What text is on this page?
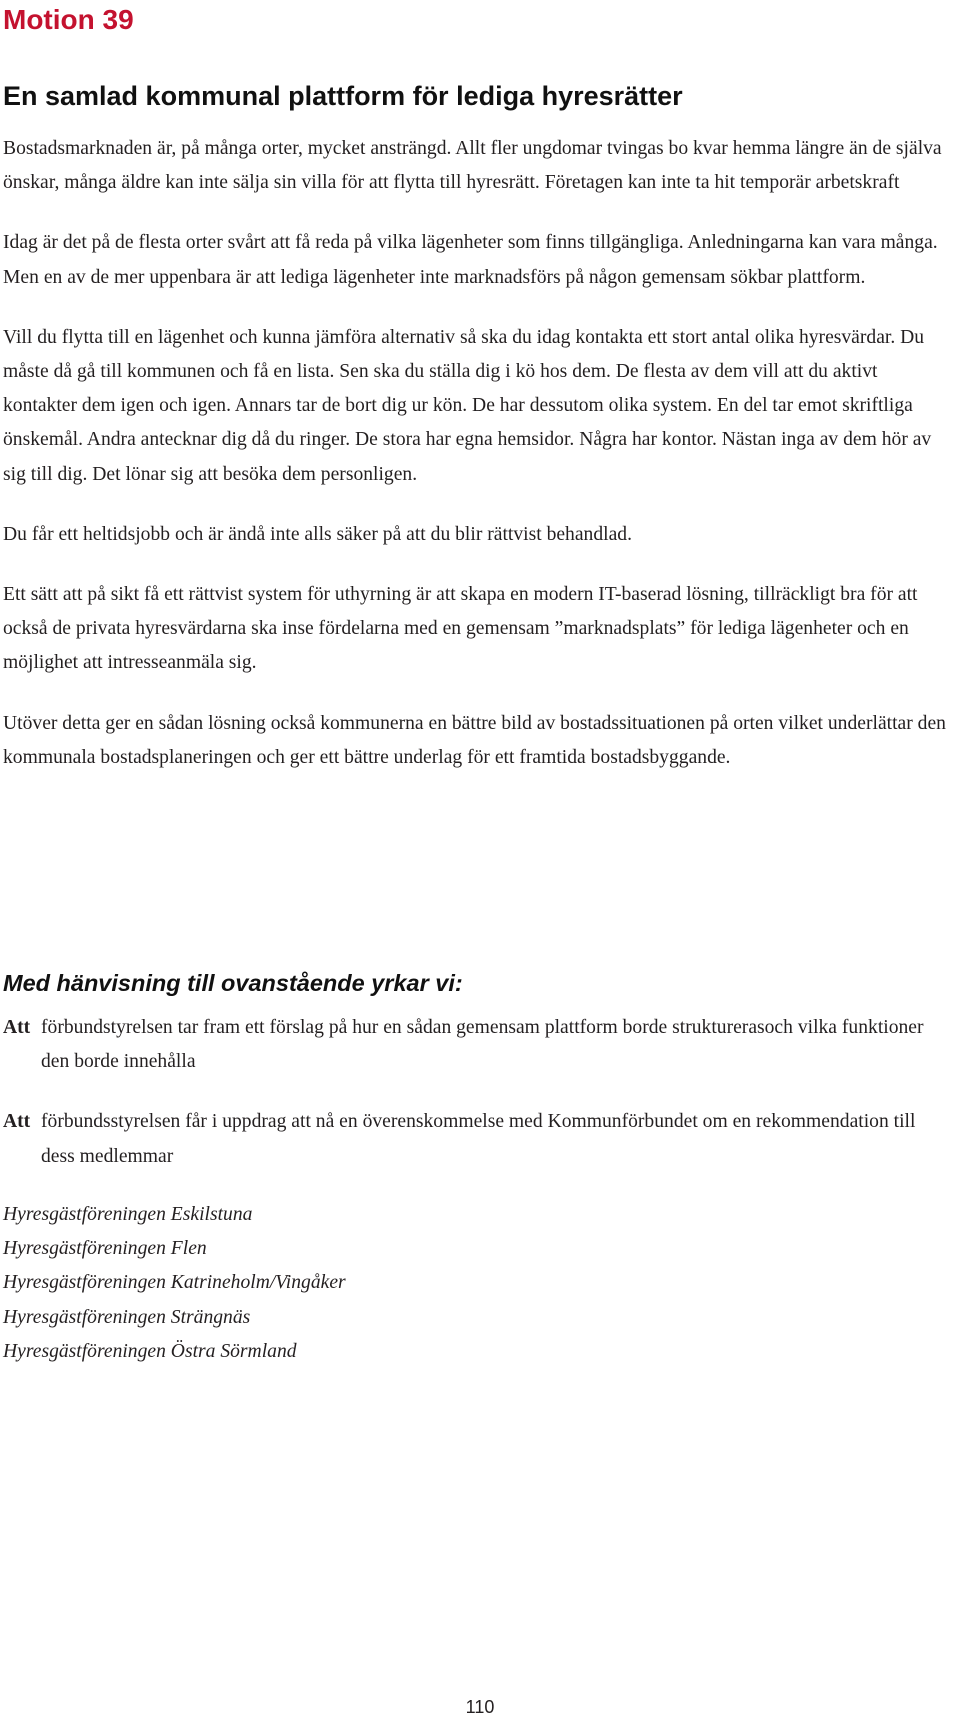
Motion 39
En samlad kommunal plattform för lediga hyresrätter

Bostadsmarknaden är, på många orter, mycket ansträngd. Allt fler ungdomar tvingas bo kvar hemma längre än de själva önskar, många äldre kan inte sälja sin villa för att flytta till hyresrätt. Företagen kan inte ta hit temporär arbetskraft

Idag är det på de flesta orter svårt att få reda på vilka lägenheter som finns tillgängliga. Anledningarna kan vara många. Men en av de mer uppenbara är att lediga lägenheter inte marknadsförs på någon gemensam sökbar plattform.

Vill du flytta till en lägenhet och kunna jämföra alternativ så ska du idag kontakta ett stort antal olika hyresvärdar. Du måste då gå till kommunen och få en lista. Sen ska du ställa dig i kö hos dem. De flesta av dem vill att du aktivt kontakter dem igen och igen. Annars tar de bort dig ur kön. De har dessutom olika system. En del tar emot skriftliga önskemål. Andra antecknar dig då du ringer. De stora har egna hemsidor. Några har kontor. Nästan inga av dem hör av sig till dig. Det lönar sig att besöka dem personligen.

Du får ett heltidsjobb och är ändå inte alls säker på att du blir rättvist behandlad.

Ett sätt att på sikt få ett rättvist system för uthyrning är att skapa en modern IT-baserad lösning, tillräckligt bra för att också de privata hyresvärdarna ska inse fördelarna med en gemensam ”marknadsplats” för lediga lägenheter och en möjlighet att intresseanmäla sig.

Utöver detta ger en sådan lösning också kommunerna en bättre bild av bostadssituationen på orten vilket underlättar den kommunala bostadsplaneringen och ger ett bättre underlag för ett framtida bostadsbyggande.

Med hänvisning till ovanstående yrkar vi:
Att förbundstyrelsen tar fram ett förslag på hur en sådan gemensam plattform borde strukturerasoch vilka funktioner den borde innehålla
Att förbundsstyrelsen får i uppdrag att nå en överenskommelse med Kommunförbundet om en rekommendation till dess medlemmar
Hyresgästföreningen Eskilstuna
Hyresgästföreningen Flen
Hyresgästföreningen Katrineholm/Vingåker
Hyresgästföreningen Strängnäs
Hyresgästföreningen Östra Sörmland
110
